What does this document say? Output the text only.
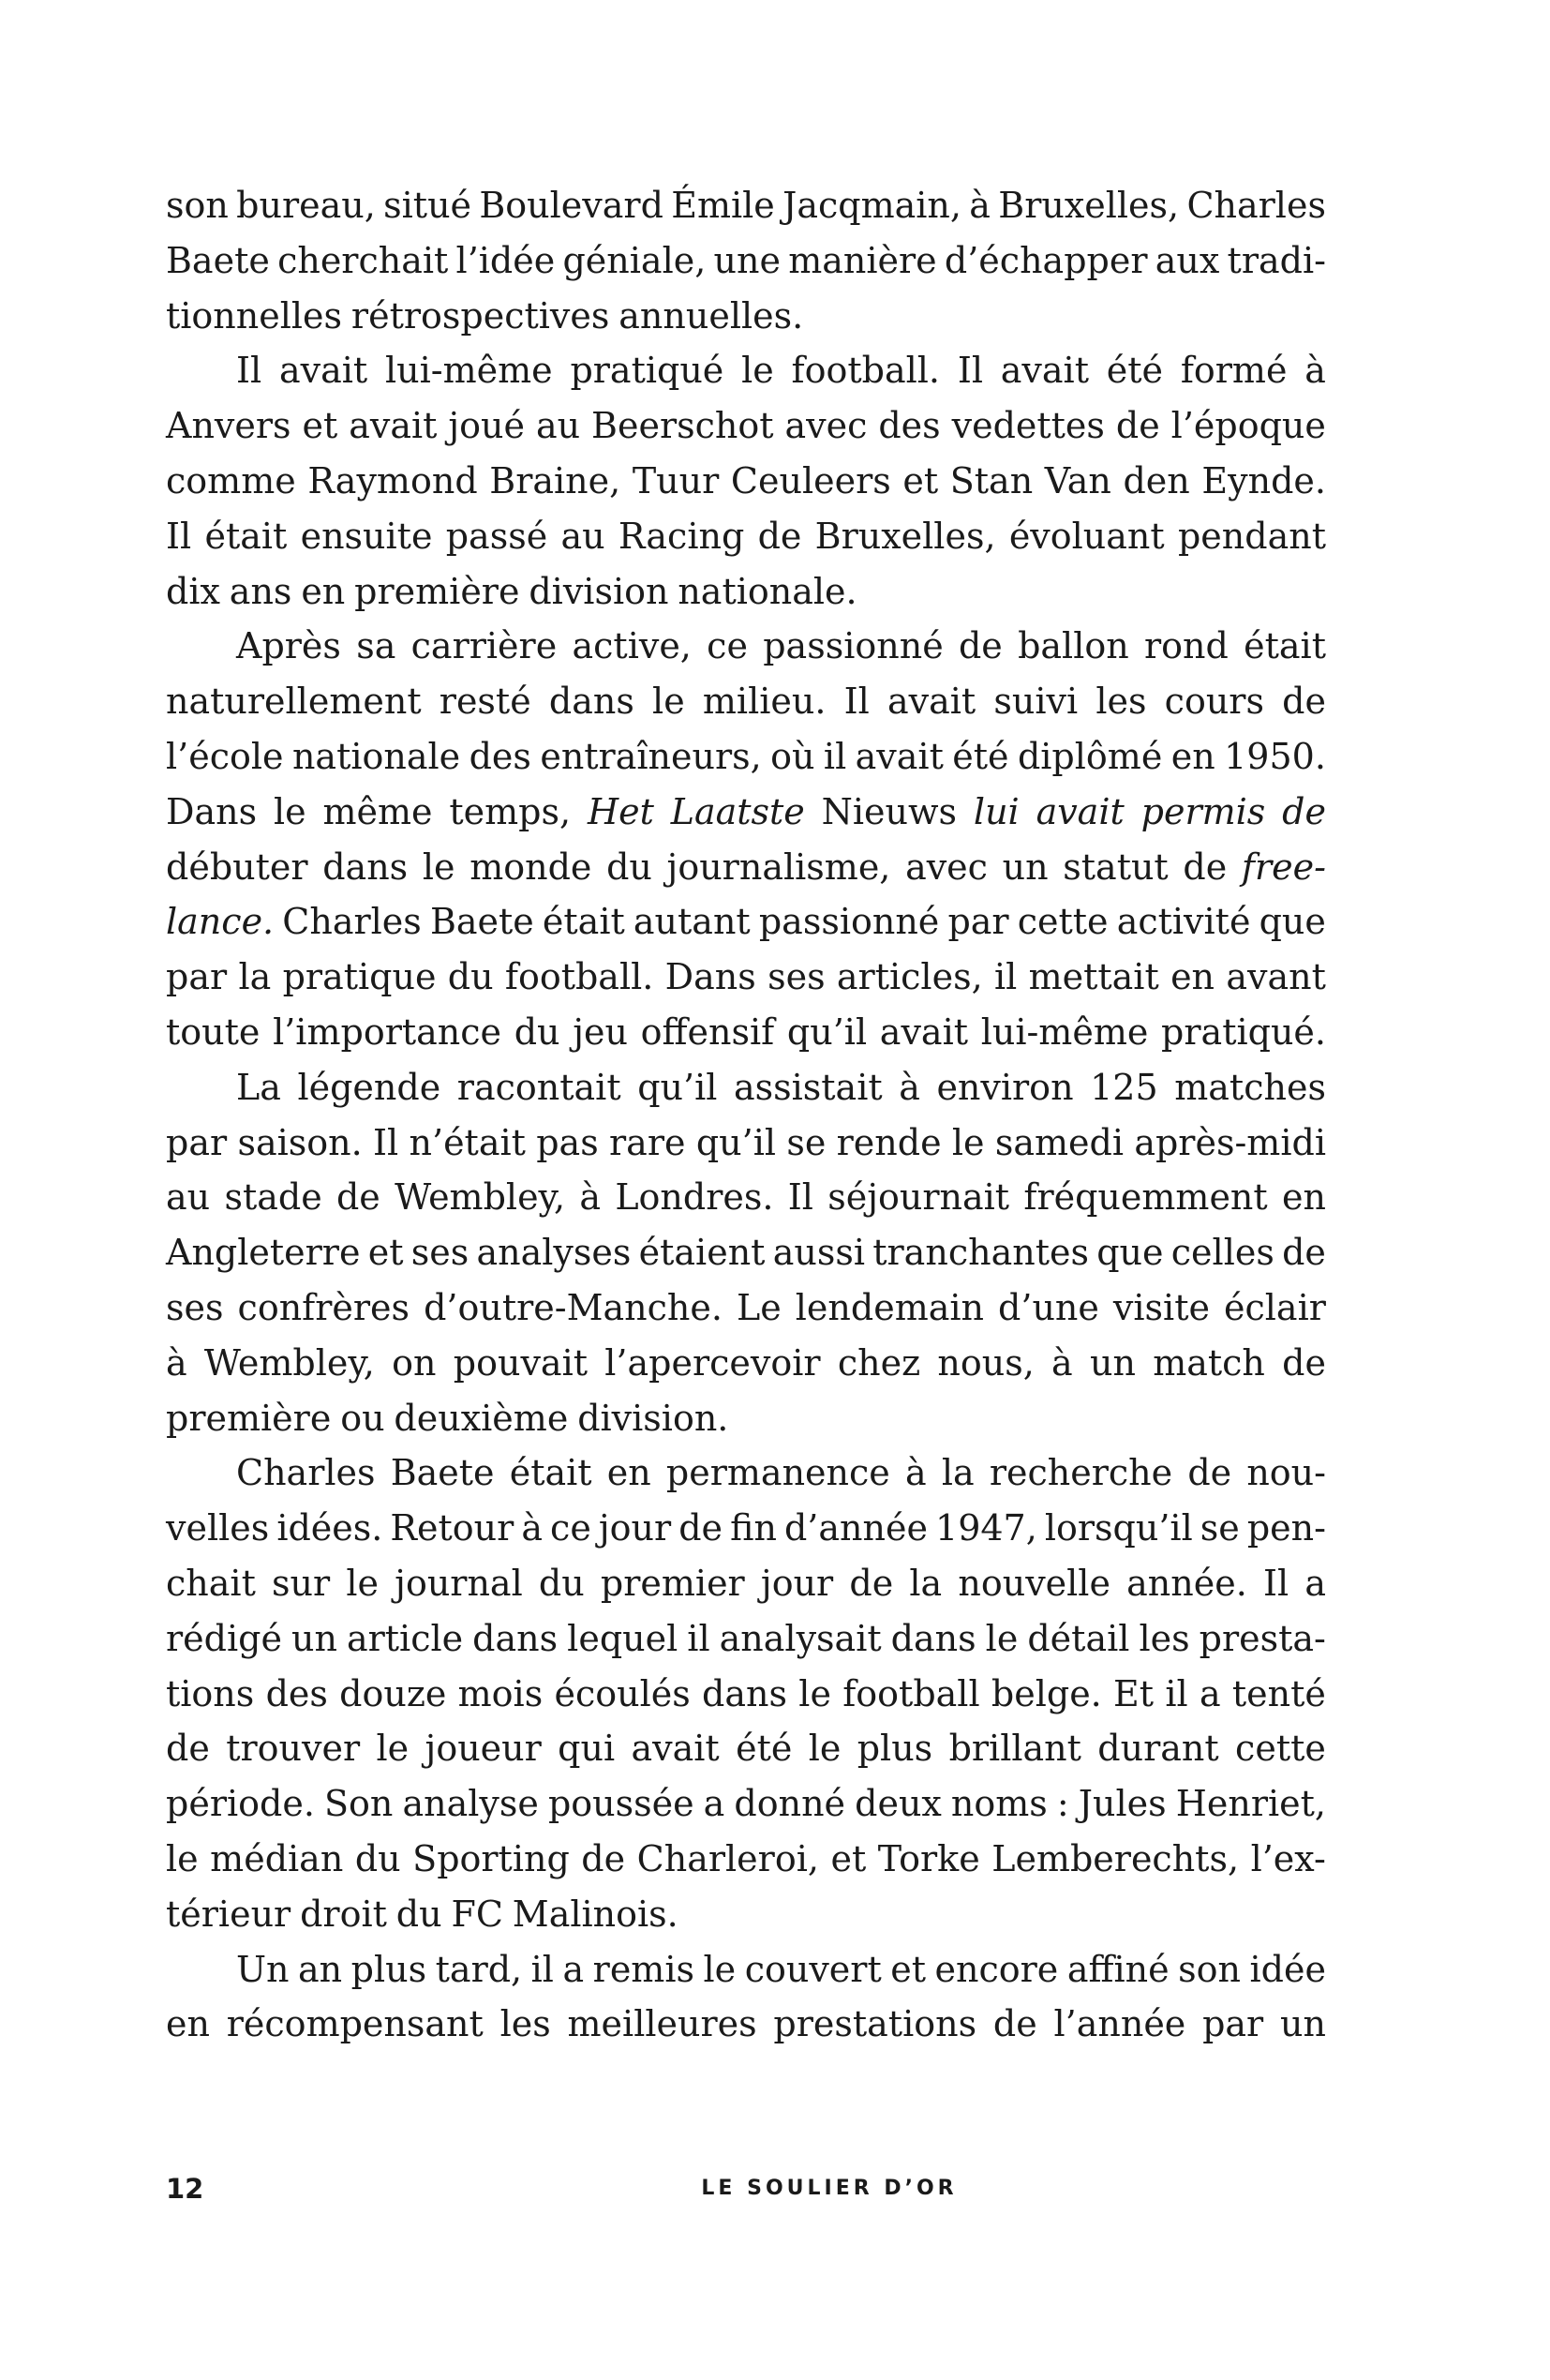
son bureau, situé Boulevard Émile Jacqmain, à Bruxelles, Charles
Baete cherchait l’idée géniale, une manière d’échapper aux tradi-
tionnelles rétrospectives annuelles.
Il avait lui-même pratiqué le football. Il avait été formé à
Anvers et avait joué au Beerschot avec des vedettes de l’époque
comme Raymond Braine, Tuur Ceuleers et Stan Van den Eynde.
Il était ensuite passé au Racing de Bruxelles, évoluant pendant
dix ans en première division nationale.
Après sa carrière active, ce passionné de ballon rond était
naturellement resté dans le milieu. Il avait suivi les cours de
l’école nationale des entraîneurs, où il avait été diplômé en 1950.
Dans le même temps, Het Laatste Nieuws lui avait permis de
débuter dans le monde du journalisme, avec un statut de free-
lance. Charles Baete était autant passionné par cette activité que
par la pratique du football. Dans ses articles, il mettait en avant
toute l’importance du jeu offensif qu’il avait lui-même pratiqué.
La légende racontait qu’il assistait à environ 125 matches
par saison. Il n’était pas rare qu’il se rende le samedi après-midi
au stade de Wembley, à Londres. Il séjournait fréquemment en
Angleterre et ses analyses étaient aussi tranchantes que celles de
ses confrères d’outre-Manche. Le lendemain d’une visite éclair
à Wembley, on pouvait l’apercevoir chez nous, à un match de
première ou deuxième division.
Charles Baete était en permanence à la recherche de nou-
velles idées. Retour à ce jour de fin d’année 1947, lorsqu’il se pen-
chait sur le journal du premier jour de la nouvelle année. Il a
rédigé un article dans lequel il analysait dans le détail les presta-
tions des douze mois écoulés dans le football belge. Et il a tenté
de trouver le joueur qui avait été le plus brillant durant cette
période. Son analyse poussée a donné deux noms : Jules Henriet,
le médian du Sporting de Charleroi, et Torke Lemberechts, l’ex-
térieur droit du FC Malinois.
Un an plus tard, il a remis le couvert et encore affiné son idée
en récompensant les meilleures prestations de l’année par un
12	LE SOULIER D’OR
